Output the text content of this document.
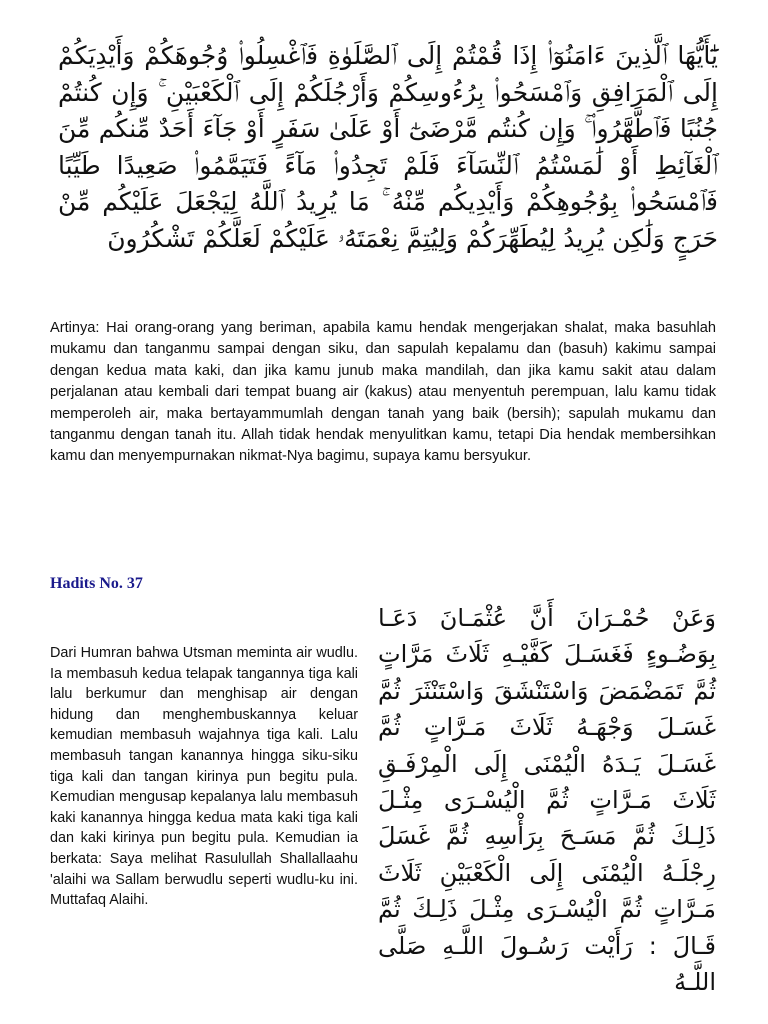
يَٰٓأَيُّهَا ٱلَّذِينَ ءَامَنُوٓا۟ إِذَا قُمْتُمْ إِلَى ٱلصَّلَوٰةِ فَٱغْسِلُوا۟ وُجُوهَكُمْ وَأَيْدِيَكُمْ إِلَى ٱلْمَرَافِقِ وَٱمْسَحُوا۟ بِرُءُوسِكُمْ وَأَرْجُلَكُمْ إِلَى ٱلْكَعْبَيْنِ ۚ وَإِن كُنتُمْ جُنُبًا فَٱطَّهَّرُوا۟ ۚ وَإِن كُنتُم مَّرْضَىٰٓ أَوْ عَلَىٰ سَفَرٍ أَوْ جَآءَ أَحَدٌ مِّنكُم مِّنَ ٱلْغَآئِطِ أَوْ لَٰمَسْتُمُ ٱلنِّسَآءَ فَلَمْ تَجِدُوا۟ مَآءً فَتَيَمَّمُوا۟ صَعِيدًا طَيِّبًا فَٱمْسَحُوا۟ بِوُجُوهِكُمْ وَأَيْدِيكُم مِّنْهُ ۚ مَا يُرِيدُ ٱللَّهُ لِيَجْعَلَ عَلَيْكُم مِّنْ حَرَجٍ وَلَٰكِن يُرِيدُ لِيُطَهِّرَكُمْ وَلِيُتِمَّ نِعْمَتَهُۥ عَلَيْكُمْ لَعَلَّكُمْ تَشْكُرُونَ
Artinya: Hai orang-orang yang beriman, apabila kamu hendak mengerjakan shalat, maka basuhlah mukamu dan tanganmu sampai dengan siku, dan sapulah kepalamu dan (basuh) kakimu sampai dengan kedua mata kaki, dan jika kamu junub maka mandilah, dan jika kamu sakit atau dalam perjalanan atau kembali dari tempat buang air (kakus) atau menyentuh perempuan, lalu kamu tidak memperoleh air, maka bertayammumlah dengan tanah yang baik (bersih); sapulah mukamu dan tanganmu dengan tanah itu. Allah tidak hendak menyulitkan kamu, tetapi Dia hendak membersihkan kamu dan menyempurnakan nikmat-Nya bagimu, supaya kamu bersyukur.
Hadits No. 37
Dari Humran bahwa Utsman meminta air wudlu. Ia membasuh kedua telapak tangannya tiga kali lalu berkumur dan menghisap air dengan hidung dan menghembuskannya keluar kemudian membasuh wajahnya tiga kali. Lalu membasuh tangan kanannya hingga siku-siku tiga kali dan tangan kirinya pun begitu pula. Kemudian mengusap kepalanya lalu membasuh kaki kanannya hingga kedua mata kaki tiga kali dan kaki kirinya pun begitu pula. Kemudian ia berkata: Saya melihat Rasulullah Shallallaahu 'alaihi wa Sallam berwudlu seperti wudlu-ku ini. Muttafaq Alaihi.
وَعَنْ حُمْـرَانَ أَنَّ عُثْمَـانَ دَعَـا بِوَضُـوءٍ فَغَسَـلَ كَفَّيْـهِ ثَلَاثَ مَرَّاتٍ ثُمَّ تَمَضْمَضَ وَاسْتَنْشَقَ وَاسْتَنْثَرَ ثُمَّ غَسَـلَ وَجْهَـهُ ثَلَاثَ مَـرَّاتٍ ثُمَّ غَسَـلَ يَـدَهُ الْيُمْنَى إِلَى الْمِرْفَـقِ ثَلَاثَ مَـرَّاتٍ ثُمَّ الْيُسْـرَى مِثْـلَ ذَلِـكَ ثُمَّ مَسَـحَ بِرَأْسِهِ ثُمَّ غَسَلَ رِجْلَـهُ الْيُمْنَى إِلَى الْكَعْبَيْنِ ثَلَاثَ مَـرَّاتٍ ثُمَّ الْيُسْـرَى مِثْـلَ ذَلِـكَ ثُمَّ قَـالَ : رَأَيْت رَسُـولَ اللَّـهِ صَلَّى اللَّـهُ
